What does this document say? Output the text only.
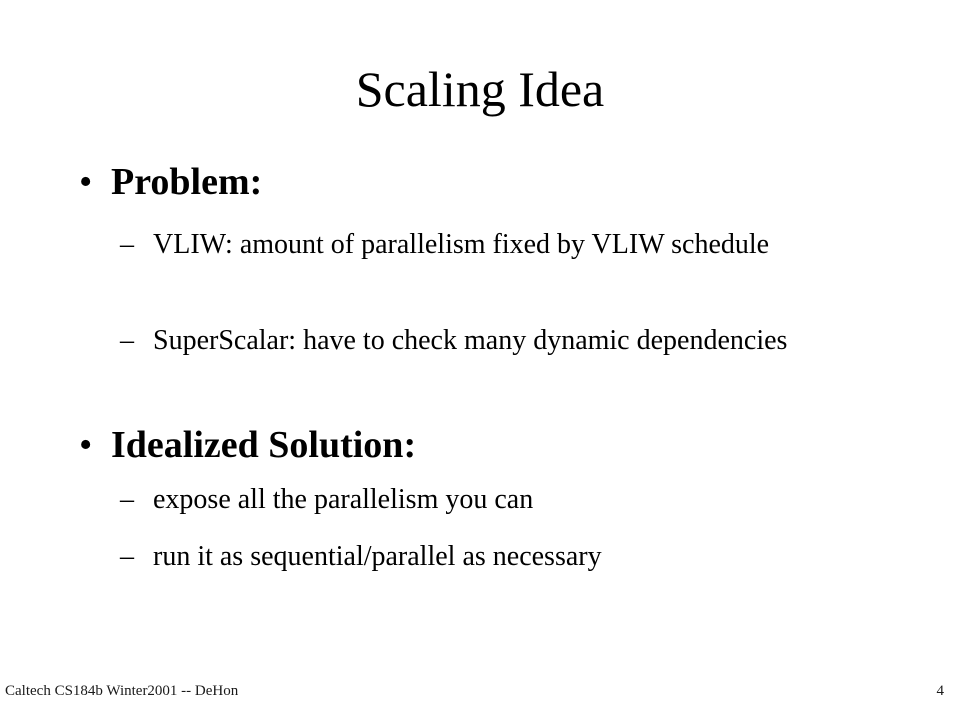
Scaling Idea
• Problem:
– VLIW: amount of parallelism fixed by VLIW schedule
– SuperScalar: have to check many dynamic dependencies
• Idealized Solution:
– expose all the parallelism you can
– run it as sequential/parallel as necessary
Caltech CS184b Winter2001 -- DeHon	4
